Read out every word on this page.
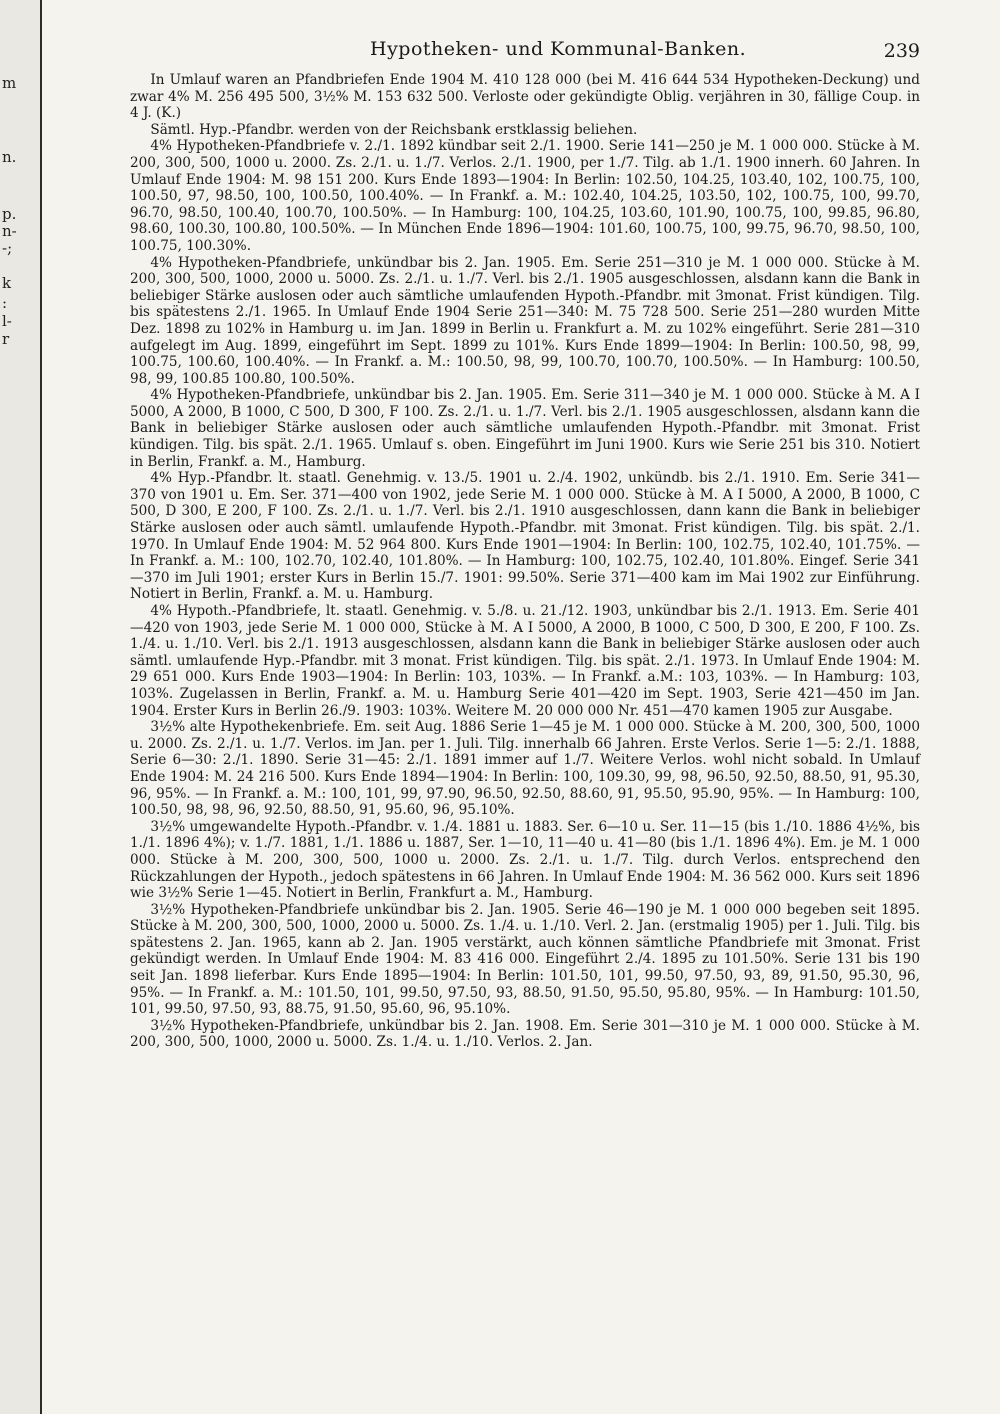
m
n.
p.
n-
-;
k
:
l-
r
Hypotheken- und Kommunal-Banken.	239

In Umlauf waren an Pfandbriefen Ende 1904 M. 410 128 000 (bei M. 416 644 534 Hypotheken-Deckung) und zwar 4% M. 256 495 500, 3½% M. 153 632 500. Verloste oder gekündigte Oblig. verjähren in 30, fällige Coup. in 4 J. (K.)

Sämtl. Hyp.-Pfandbr. werden von der Reichsbank erstklassig beliehen.

4% Hypotheken-Pfandbriefe v. 2./1. 1892 kündbar seit 2./1. 1900. Serie 141—250 je M. 1 000 000. Stücke à M. 200, 300, 500, 1000 u. 2000. Zs. 2./1. u. 1./7. Verlos. 2./1. 1900, per 1./7. Tilg. ab 1./1. 1900 innerh. 60 Jahren. In Umlauf Ende 1904: M. 98 151 200. Kurs Ende 1893—1904: In Berlin: 102.50, 104.25, 103.40, 102, 100.75, 100, 100.50, 97, 98.50, 100, 100.50, 100.40%. — In Frankf. a. M.: 102.40, 104.25, 103.50, 102, 100.75, 100, 99.70, 96.70, 98.50, 100.40, 100.70, 100.50%. — In Hamburg: 100, 104.25, 103.60, 101.90, 100.75, 100, 99.85, 96.80, 98.60, 100.30, 100.80, 100.50%. — In München Ende 1896—1904: 101.60, 100.75, 100, 99.75, 96.70, 98.50, 100, 100.75, 100.30%.

4% Hypotheken-Pfandbriefe, unkündbar bis 2. Jan. 1905. Em. Serie 251—310 je M. 1 000 000. Stücke à M. 200, 300, 500, 1000, 2000 u. 5000. Zs. 2./1. u. 1./7. Verl. bis 2./1. 1905 ausgeschlossen, alsdann kann die Bank in beliebiger Stärke auslosen oder auch sämtliche umlaufenden Hypoth.-Pfandbr. mit 3monat. Frist kündigen. Tilg. bis spätestens 2./1. 1965. In Umlauf Ende 1904 Serie 251—340: M. 75 728 500. Serie 251—280 wurden Mitte Dez. 1898 zu 102% in Hamburg u. im Jan. 1899 in Berlin u. Frankfurt a. M. zu 102% eingeführt. Serie 281—310 aufgelegt im Aug. 1899, eingeführt im Sept. 1899 zu 101%. Kurs Ende 1899—1904: In Berlin: 100.50, 98, 99, 100.75, 100.60, 100.40%. — In Frankf. a. M.: 100.50, 98, 99, 100.70, 100.70, 100.50%. — In Hamburg: 100.50, 98, 99, 100.85 100.80, 100.50%.

4% Hypotheken-Pfandbriefe, unkündbar bis 2. Jan. 1905. Em. Serie 311—340 je M. 1 000 000. Stücke à M. A I 5000, A 2000, B 1000, C 500, D 300, F 100. Zs. 2./1. u. 1./7. Verl. bis 2./1. 1905 ausgeschlossen, alsdann kann die Bank in beliebiger Stärke auslosen oder auch sämtliche umlaufenden Hypoth.-Pfandbr. mit 3monat. Frist kündigen. Tilg. bis spät. 2./1. 1965. Umlauf s. oben. Eingeführt im Juni 1900. Kurs wie Serie 251 bis 310. Notiert in Berlin, Frankf. a. M., Hamburg.

4% Hyp.-Pfandbr. lt. staatl. Genehmig. v. 13./5. 1901 u. 2./4. 1902, unkündb. bis 2./1. 1910. Em. Serie 341—370 von 1901 u. Em. Ser. 371—400 von 1902, jede Serie M. 1 000 000. Stücke à M. A I 5000, A 2000, B 1000, C 500, D 300, E 200, F 100. Zs. 2./1. u. 1./7. Verl. bis 2./1. 1910 ausgeschlossen, dann kann die Bank in beliebiger Stärke auslosen oder auch sämtl. umlaufende Hypoth.-Pfandbr. mit 3monat. Frist kündigen. Tilg. bis spät. 2./1. 1970. In Umlauf Ende 1904: M. 52 964 800. Kurs Ende 1901—1904: In Berlin: 100, 102.75, 102.40, 101.75%. — In Frankf. a. M.: 100, 102.70, 102.40, 101.80%. — In Hamburg: 100, 102.75, 102.40, 101.80%. Eingef. Serie 341—370 im Juli 1901; erster Kurs in Berlin 15./7. 1901: 99.50%. Serie 371—400 kam im Mai 1902 zur Einführung. Notiert in Berlin, Frankf. a. M. u. Hamburg.

4% Hypoth.-Pfandbriefe, lt. staatl. Genehmig. v. 5./8. u. 21./12. 1903, unkündbar bis 2./1. 1913. Em. Serie 401—420 von 1903, jede Serie M. 1 000 000, Stücke à M. A I 5000, A 2000, B 1000, C 500, D 300, E 200, F 100. Zs. 1./4. u. 1./10. Verl. bis 2./1. 1913 ausgeschlossen, alsdann kann die Bank in beliebiger Stärke auslosen oder auch sämtl. umlaufende Hyp.-Pfandbr. mit 3 monat. Frist kündigen. Tilg. bis spät. 2./1. 1973. In Umlauf Ende 1904: M. 29 651 000. Kurs Ende 1903—1904: In Berlin: 103, 103%. — In Frankf. a.M.: 103, 103%. — In Hamburg: 103, 103%. Zugelassen in Berlin, Frankf. a. M. u. Hamburg Serie 401—420 im Sept. 1903, Serie 421—450 im Jan. 1904. Erster Kurs in Berlin 26./9. 1903: 103%. Weitere M. 20 000 000 Nr. 451—470 kamen 1905 zur Ausgabe.

3½% alte Hypothekenbriefe. Em. seit Aug. 1886 Serie 1—45 je M. 1 000 000. Stücke à M. 200, 300, 500, 1000 u. 2000. Zs. 2./1. u. 1./7. Verlos. im Jan. per 1. Juli. Tilg. innerhalb 66 Jahren. Erste Verlos. Serie 1—5: 2./1. 1888, Serie 6—30: 2./1. 1890. Serie 31—45: 2./1. 1891 immer auf 1./7. Weitere Verlos. wohl nicht sobald. In Umlauf Ende 1904: M. 24 216 500. Kurs Ende 1894—1904: In Berlin: 100, 109.30, 99, 98, 96.50, 92.50, 88.50, 91, 95.30, 96, 95%. — In Frankf. a. M.: 100, 101, 99, 97.90, 96.50, 92.50, 88.60, 91, 95.50, 95.90, 95%. — In Hamburg: 100, 100.50, 98, 98, 96, 92.50, 88.50, 91, 95.60, 96, 95.10%.

3½% umgewandelte Hypoth.-Pfandbr. v. 1./4. 1881 u. 1883. Ser. 6—10 u. Ser. 11—15 (bis 1./10. 1886 4½%, bis 1./1. 1896 4%); v. 1./7. 1881, 1./1. 1886 u. 1887, Ser. 1—10, 11—40 u. 41—80 (bis 1./1. 1896 4%). Em. je M. 1 000 000. Stücke à M. 200, 300, 500, 1000 u. 2000. Zs. 2./1. u. 1./7. Tilg. durch Verlos. entsprechend den Rückzahlungen der Hypoth., jedoch spätestens in 66 Jahren. In Umlauf Ende 1904: M. 36 562 000. Kurs seit 1896 wie 3½% Serie 1—45. Notiert in Berlin, Frankfurt a. M., Hamburg.

3½% Hypotheken-Pfandbriefe unkündbar bis 2. Jan. 1905. Serie 46—190 je M. 1 000 000 begeben seit 1895. Stücke à M. 200, 300, 500, 1000, 2000 u. 5000. Zs. 1./4. u. 1./10. Verl. 2. Jan. (erstmalig 1905) per 1. Juli. Tilg. bis spätestens 2. Jan. 1965, kann ab 2. Jan. 1905 verstärkt, auch können sämtliche Pfandbriefe mit 3monat. Frist gekündigt werden. In Umlauf Ende 1904: M. 83 416 000. Eingeführt 2./4. 1895 zu 101.50%. Serie 131 bis 190 seit Jan. 1898 lieferbar. Kurs Ende 1895—1904: In Berlin: 101.50, 101, 99.50, 97.50, 93, 89, 91.50, 95.30, 96, 95%. — In Frankf. a. M.: 101.50, 101, 99.50, 97.50, 93, 88.50, 91.50, 95.50, 95.80, 95%. — In Hamburg: 101.50, 101, 99.50, 97.50, 93, 88.75, 91.50, 95.60, 96, 95.10%.

3½% Hypotheken-Pfandbriefe, unkündbar bis 2. Jan. 1908. Em. Serie 301—310 je M. 1 000 000. Stücke à M. 200, 300, 500, 1000, 2000 u. 5000. Zs. 1./4. u. 1./10. Verlos. 2. Jan.
